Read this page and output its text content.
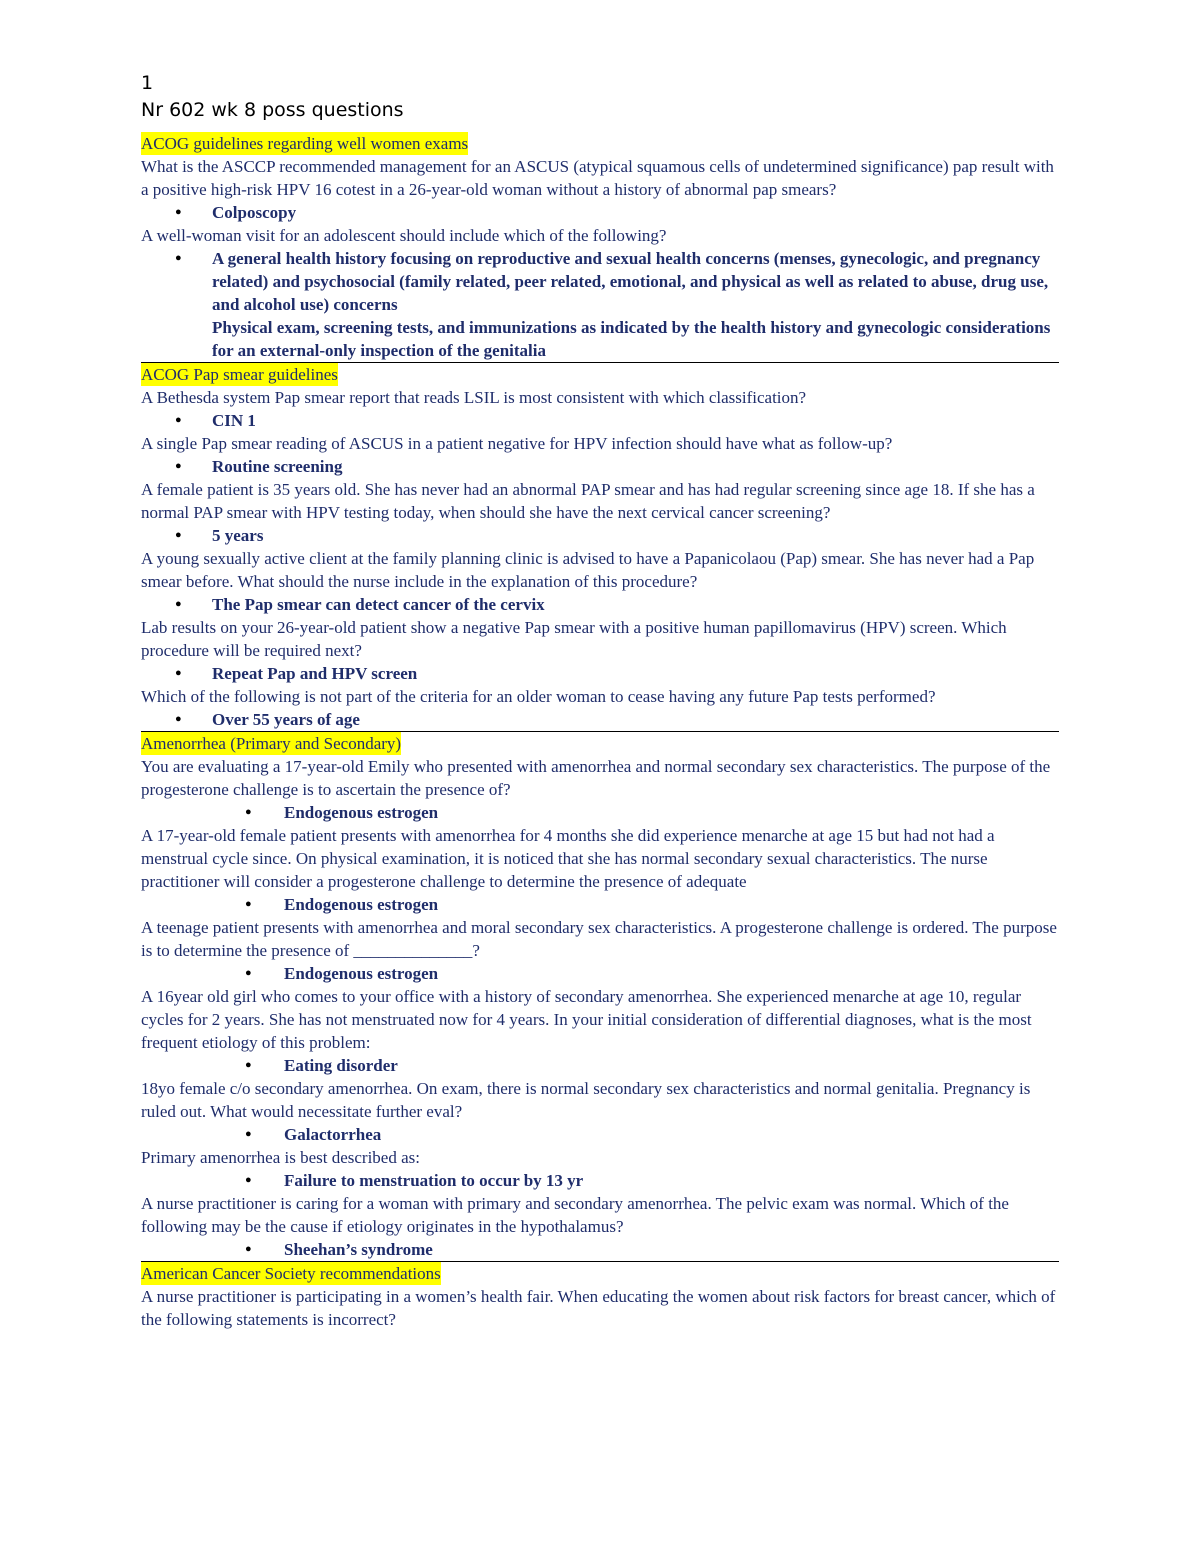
1
Nr 602 wk 8 poss questions
ACOG guidelines regarding well women exams
What is the ASCCP recommended management for an ASCUS (atypical squamous cells of undetermined significance) pap result with a positive high-risk HPV 16 cotest in a 26-year-old woman without a history of abnormal pap smears?
● Colposcopy
A well-woman visit for an adolescent should include which of the following?
● A general health history focusing on reproductive and sexual health concerns (menses, gynecologic, and pregnancy related) and psychosocial (family related, peer related, emotional, and physical as well as related to abuse, drug use, and alcohol use) concerns
Physical exam, screening tests, and immunizations as indicated by the health history and gynecologic considerations for an external-only inspection of the genitalia
ACOG Pap smear guidelines
A Bethesda system Pap smear report that reads LSIL is most consistent with which classification?
● CIN 1
A single Pap smear reading of ASCUS in a patient negative for HPV infection should have what as follow-up?
● Routine screening
A female patient is 35 years old. She has never had an abnormal PAP smear and has had regular screening since age 18. If she has a normal PAP smear with HPV testing today, when should she have the next cervical cancer screening?
● 5 years
A young sexually active client at the family planning clinic is advised to have a Papanicolaou (Pap) smear. She has never had a Pap smear before. What should the nurse include in the explanation of this procedure?
● The Pap smear can detect cancer of the cervix
Lab results on your 26-year-old patient show a negative Pap smear with a positive human papillomavirus (HPV) screen. Which procedure will be required next?
● Repeat Pap and HPV screen
Which of the following is not part of the criteria for an older woman to cease having any future Pap tests performed?
● Over 55 years of age
Amenorrhea (Primary and Secondary)
You are evaluating a 17-year-old Emily who presented with amenorrhea and normal secondary sex characteristics. The purpose of the progesterone challenge is to ascertain the presence of?
● Endogenous estrogen
A 17-year-old female patient presents with amenorrhea for 4 months she did experience menarche at age 15 but had not had a menstrual cycle since. On physical examination, it is noticed that she has normal secondary sexual characteristics. The nurse practitioner will consider a progesterone challenge to determine the presence of adequate
● Endogenous estrogen
A teenage patient presents with amenorrhea and moral secondary sex characteristics. A progesterone challenge is ordered. The purpose is to determine the presence of ______________?
● Endogenous estrogen
A 16year old girl who comes to your office with a history of secondary amenorrhea. She experienced menarche at age 10, regular cycles for 2 years. She has not menstruated now for 4 years. In your initial consideration of differential diagnoses, what is the most frequent etiology of this problem:
● Eating disorder
18yo female c/o secondary amenorrhea. On exam, there is normal secondary sex characteristics and normal genitalia. Pregnancy is ruled out. What would necessitate further eval?
● Galactorrhea
Primary amenorrhea is best described as:
● Failure to menstruation to occur by 13 yr
A nurse practitioner is caring for a woman with primary and secondary amenorrhea. The pelvic exam was normal. Which of the following may be the cause if etiology originates in the hypothalamus?
● Sheehan’s syndrome
American Cancer Society recommendations
A nurse practitioner is participating in a women’s health fair. When educating the women about risk factors for breast cancer, which of the following statements is incorrect?
